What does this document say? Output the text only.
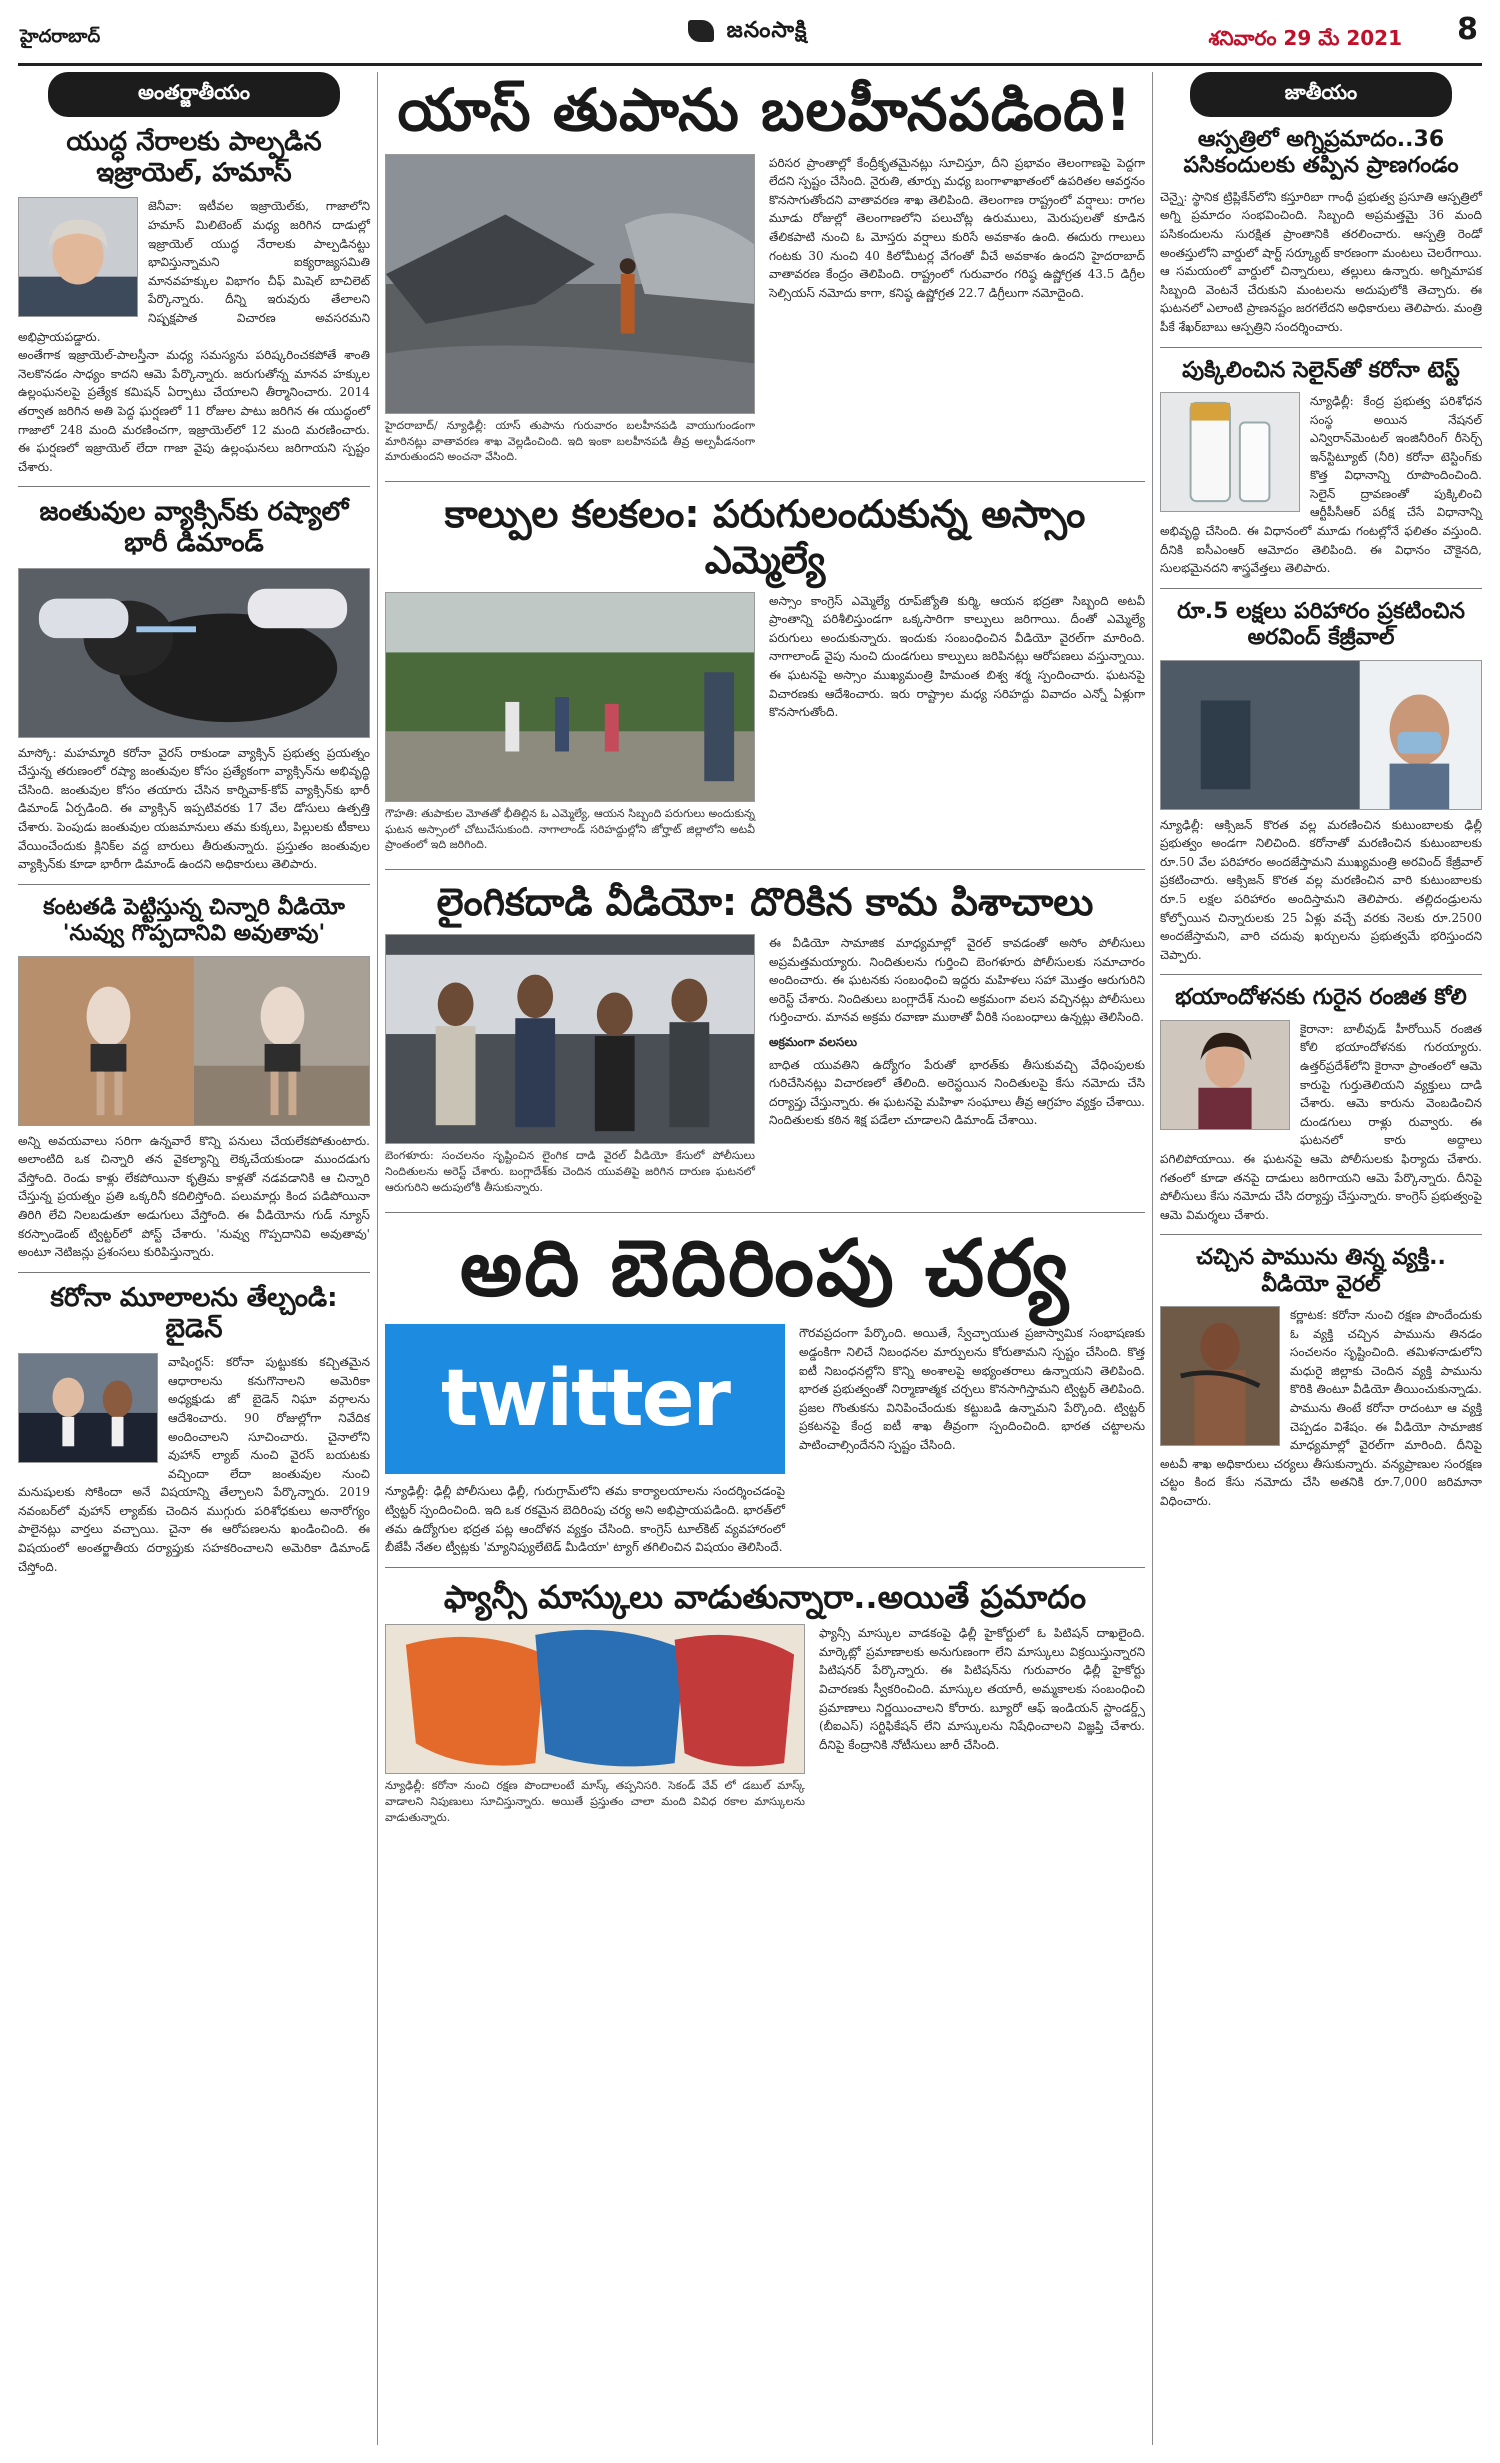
హైదరాబాద్	జనంసాక్షి	శనివారం 29 మే 2021 8
అంతర్జాతీయం
యుద్ధ నేరాలకు పాల్పడిన ఇజ్రాయెల్, హమాస్
జెనీవా: ఇటీవల ఇజ్రాయెల్‌కు, గాజాలోని హమాస్ మిలిటెంట్ మధ్య జరిగిన దాడుల్లో ఇజ్రాయెల్ యుద్ధ నేరాలకు పాల్పడినట్టు భావిస్తున్నామని ఐక్యరాజ్యసమితి మానవహక్కుల విభాగం చీఫ్ మిషెల్ బాచిలెట్ పేర్కొన్నారు. దీన్ని ఇరువురు తేలాలని నిష్పక్షపాత విచారణ అవసరమని అభిప్రాయపడ్డారు.
అంతేగాక ఇజ్రాయెల్-పాలస్తీనా మధ్య సమస్యను పరిష్కరించకపోతే శాంతి నెలకొనడం సాధ్యం కాదని ఆమె పేర్కొన్నారు. జరుగుతోన్న మానవ హక్కుల ఉల్లంఘనలపై ప్రత్యేక కమిషన్ ఏర్పాటు చేయాలని తీర్మానించారు. 2014 తర్వాత జరిగిన అతి పెద్ద ఘర్షణలో 11 రోజుల పాటు జరిగిన ఈ యుద్ధంలో గాజాలో 248 మంది మరణించగా, ఇజ్రాయెల్‌లో 12 మంది మరణించారు. ఈ ఘర్షణలో ఇజ్రాయెల్ లేదా గాజా వైపు ఉల్లంఘనలు జరిగాయని స్పష్టం చేశారు.
జంతువుల వ్యాక్సిన్‌కు రష్యాలో భారీ డిమాండ్
మాస్కో: మహమ్మారి కరోనా వైరస్ రాకుండా వ్యాక్సిన్ ప్రభుత్వ ప్రయత్నం చేస్తున్న తరుణంలో రష్యా జంతువుల కోసం ప్రత్యేకంగా వ్యాక్సిన్‌ను అభివృద్ధి చేసింది. జంతువుల కోసం తయారు చేసిన కార్నివాక్-కోవ్ వ్యాక్సిన్‌కు భారీ డిమాండ్ ఏర్పడింది. ఈ వ్యాక్సిన్ ఇప్పటివరకు 17 వేల డోసులు ఉత్పత్తి చేశారు. పెంపుడు జంతువుల యజమానులు తమ కుక్కలు, పిల్లులకు టీకాలు వేయించేందుకు క్లినిక్‌ల వద్ద బారులు తీరుతున్నారు. ప్రస్తుతం జంతువుల వ్యాక్సిన్‌కు కూడా భారీగా డిమాండ్ ఉందని అధికారులు తెలిపారు.
కంటతడి పెట్టిస్తున్న చిన్నారి వీడియో 'నువ్వు గొప్పదానివి అవుతావు'
అన్ని అవయవాలు సరిగా ఉన్నవారే కొన్ని పనులు చేయలేకపోతుంటారు. అలాంటిది ఒక చిన్నారి తన వైకల్యాన్ని లెక్కచేయకుండా ముందడుగు వేస్తోంది. రెండు కాళ్లు లేకపోయినా కృత్రిమ కాళ్లతో నడవడానికి ఆ చిన్నారి చేస్తున్న ప్రయత్నం ప్రతి ఒక్కరినీ కదిలిస్తోంది. పలుమార్లు కింద పడిపోయినా తిరిగి లేచి నిలబడుతూ అడుగులు వేస్తోంది. ఈ వీడియోను గుడ్ న్యూస్ కరస్పాండెంట్ ట్విట్టర్‌లో పోస్ట్ చేశారు. 'నువ్వు గొప్పదానివి అవుతావు' అంటూ నెటిజన్లు ప్రశంసలు కురిపిస్తున్నారు.
కరోనా మూలాలను తేల్చండి: బైడెన్
వాషింగ్టన్: కరోనా పుట్టుకకు కచ్చితమైన ఆధారాలను కనుగొనాలని అమెరికా అధ్యక్షుడు జో బైడెన్ నిఘా వర్గాలను ఆదేశించారు. 90 రోజుల్లోగా నివేదిక అందించాలని సూచించారు. చైనాలోని వుహాన్ ల్యాబ్ నుంచి వైరస్ బయటకు వచ్చిందా లేదా జంతువుల నుంచి మనుషులకు సోకిందా అనే విషయాన్ని తేల్చాలని పేర్కొన్నారు. 2019 నవంబర్‌లో వుహాన్ ల్యాబ్‌కు చెందిన ముగ్గురు పరిశోధకులు అనారోగ్యం పాలైనట్లు వార్తలు వచ్చాయి. చైనా ఈ ఆరోపణలను ఖండించింది. ఈ విషయంలో అంతర్జాతీయ దర్యాప్తుకు సహకరించాలని అమెరికా డిమాండ్ చేస్తోంది.
యాస్ తుపాను బలహీనపడింది!
హైదరాబాద్/ న్యూఢిల్లీ: యాస్ తుపాను గురువారం బలహీనపడి వాయుగుండంగా మారినట్లు వాతావరణ శాఖ వెల్లడించింది. ఇది ఇంకా బలహీనపడి తీవ్ర అల్పపీడనంగా మారుతుందని అంచనా వేసింది.
పరిసర ప్రాంతాల్లో కేంద్రీకృతమైనట్లు సూచిస్తూ, దీని ప్రభావం తెలంగాణపై పెద్దగా లేదని స్పష్టం చేసింది. నైరుతి, తూర్పు మధ్య బంగాళాఖాతంలో ఉపరితల ఆవర్తనం కొనసాగుతోందని వాతావరణ శాఖ తెలిపింది. తెలంగాణ రాష్ట్రంలో వర్షాలు: రాగల మూడు రోజుల్లో తెలంగాణలోని పలుచోట్ల ఉరుములు, మెరుపులతో కూడిన తేలికపాటి నుంచి ఓ మోస్తరు వర్షాలు కురిసే అవకాశం ఉంది. ఈదురు గాలులు గంటకు 30 నుంచి 40 కిలోమీటర్ల వేగంతో వీచే అవకాశం ఉందని హైదరాబాద్ వాతావరణ కేంద్రం తెలిపింది. రాష్ట్రంలో గురువారం గరిష్ఠ ఉష్ణోగ్రత 43.5 డిగ్రీల సెల్సియస్ నమోదు కాగా, కనిష్ఠ ఉష్ణోగ్రత 22.7 డిగ్రీలుగా నమోదైంది.
కాల్పుల కలకలం: పరుగులందుకున్న అస్సాం ఎమ్మెల్యే
గౌహతి: తుపాకుల మోతతో భీతిల్లిన ఓ ఎమ్మెల్యే, ఆయన సిబ్బంది పరుగులు అందుకున్న ఘటన అస్సాంలో చోటుచేసుకుంది. నాగాలాండ్ సరిహద్దుల్లోని జోర్హాట్ జిల్లాలోని అటవీ ప్రాంతంలో ఇది జరిగింది.
అస్సాం కాంగ్రెస్ ఎమ్మెల్యే రూప్‌జ్యోతి కుర్మి, ఆయన భద్రతా సిబ్బంది అటవీ ప్రాంతాన్ని పరిశీలిస్తుండగా ఒక్కసారిగా కాల్పులు జరిగాయి. దీంతో ఎమ్మెల్యే పరుగులు అందుకున్నారు. ఇందుకు సంబంధించిన వీడియో వైరల్‌గా మారింది. నాగాలాండ్ వైపు నుంచి దుండగులు కాల్పులు జరిపినట్లు ఆరోపణలు వస్తున్నాయి. ఈ ఘటనపై అస్సాం ముఖ్యమంత్రి హిమంత బిశ్వ శర్మ స్పందించారు. ఘటనపై విచారణకు ఆదేశించారు. ఇరు రాష్ట్రాల మధ్య సరిహద్దు వివాదం ఎన్నో ఏళ్లుగా కొనసాగుతోంది.
లైంగికదాడి వీడియో: దొరికిన కామ పిశాచాలు
బెంగళూరు: సంచలనం సృష్టించిన లైంగిక దాడి వైరల్ వీడియో కేసులో పోలీసులు నిందితులను అరెస్ట్ చేశారు. బంగ్లాదేశ్‌కు చెందిన యువతిపై జరిగిన దారుణ ఘటనలో ఆరుగురిని అదుపులోకి తీసుకున్నారు.
ఈ వీడియో సామాజిక మాధ్యమాల్లో వైరల్ కావడంతో అసోం పోలీసులు అప్రమత్తమయ్యారు. నిందితులను గుర్తించి బెంగళూరు పోలీసులకు సమాచారం అందించారు. ఈ ఘటనకు సంబంధించి ఇద్దరు మహిళలు సహా మొత్తం ఆరుగురిని అరెస్ట్ చేశారు. నిందితులు బంగ్లాదేశ్ నుంచి అక్రమంగా వలస వచ్చినట్లు పోలీసులు గుర్తించారు. మానవ అక్రమ రవాణా ముఠాతో వీరికి సంబంధాలు ఉన్నట్లు తెలిసింది.
అక్రమంగా వలసలు
బాధిత యువతిని ఉద్యోగం పేరుతో భారత్‌కు తీసుకువచ్చి వేధింపులకు గురిచేసినట్లు విచారణలో తేలింది. అరెస్టయిన నిందితులపై కేసు నమోదు చేసి దర్యాప్తు చేస్తున్నారు. ఈ ఘటనపై మహిళా సంఘాలు తీవ్ర ఆగ్రహం వ్యక్తం చేశాయి. నిందితులకు కఠిన శిక్ష పడేలా చూడాలని డిమాండ్ చేశాయి.
అది బెదిరింపు చర్య
twitter
న్యూఢిల్లీ: ఢిల్లీ పోలీసులు ఢిల్లీ, గురుగ్రామ్‌లోని తమ కార్యాలయాలను సందర్శించడంపై ట్విట్టర్ స్పందించింది. ఇది ఒక రకమైన బెదిరింపు చర్య అని అభిప్రాయపడింది. భారత్‌లో తమ ఉద్యోగుల భద్రత పట్ల ఆందోళన వ్యక్తం చేసింది. కాంగ్రెస్ టూల్‌కిట్ వ్యవహారంలో బీజేపీ నేతల ట్వీట్లకు 'మ్యానిప్యులేటెడ్ మీడియా' ట్యాగ్ తగిలించిన విషయం తెలిసిందే.
గౌరవప్రదంగా పేర్కొంది. అయితే, స్వేచ్ఛాయుత ప్రజాస్వామిక సంభాషణకు అడ్డంకిగా నిలిచే నిబంధనల మార్పులను కోరుతామని స్పష్టం చేసింది. కొత్త ఐటీ నిబంధనల్లోని కొన్ని అంశాలపై అభ్యంతరాలు ఉన్నాయని తెలిపింది. భారత ప్రభుత్వంతో నిర్మాణాత్మక చర్చలు కొనసాగిస్తామని ట్విట్టర్ తెలిపింది. ప్రజల గొంతుకను వినిపించేందుకు కట్టుబడి ఉన్నామని పేర్కొంది. ట్విట్టర్ ప్రకటనపై కేంద్ర ఐటీ శాఖ తీవ్రంగా స్పందించింది. భారత చట్టాలను పాటించాల్సిందేనని స్పష్టం చేసింది.
ఫ్యాన్సీ మాస్కులు వాడుతున్నారా..అయితే ప్రమాదం
న్యూఢిల్లీ: కరోనా నుంచి రక్షణ పొందాలంటే మాస్క్ తప్పనిసరి. సెకండ్ వేవ్ లో డబుల్ మాస్క్ వాడాలని నిపుణులు సూచిస్తున్నారు. అయితే ప్రస్తుతం చాలా మంది వివిధ రకాల మాస్కులను వాడుతున్నారు.
ఫ్యాన్సీ మాస్కుల వాడకంపై ఢిల్లీ హైకోర్టులో ఓ పిటిషన్ దాఖలైంది. మార్కెట్లో ప్రమాణాలకు అనుగుణంగా లేని మాస్కులు విక్రయిస్తున్నారని పిటిషనర్ పేర్కొన్నారు. ఈ పిటిషన్‌ను గురువారం ఢిల్లీ హైకోర్టు విచారణకు స్వీకరించింది. మాస్కుల తయారీ, అమ్మకాలకు సంబంధించి ప్రమాణాలు నిర్ణయించాలని కోరారు. బ్యూరో ఆఫ్ ఇండియన్ స్టాండర్డ్స్ (బీఐఎస్) సర్టిఫికేషన్ లేని మాస్కులను నిషేధించాలని విజ్ఞప్తి చేశారు. దీనిపై కేంద్రానికి నోటీసులు జారీ చేసింది.
జాతీయం
ఆస్పత్రిలో అగ్నిప్రమాదం..36 పసికందులకు తప్పిన ప్రాణగండం
చెన్నై: స్థానిక ట్రిప్లికేన్‌లోని కస్తూరిబా గాంధీ ప్రభుత్వ ప్రసూతి ఆస్పత్రిలో అగ్ని ప్రమాదం సంభవించింది. సిబ్బంది అప్రమత్తమై 36 మంది పసికందులను సురక్షిత ప్రాంతానికి తరలించారు. ఆస్పత్రి రెండో అంతస్తులోని వార్డులో షార్ట్ సర్క్యూట్ కారణంగా మంటలు చెలరేగాయి. ఆ సమయంలో వార్డులో చిన్నారులు, తల్లులు ఉన్నారు. అగ్నిమాపక సిబ్బంది వెంటనే చేరుకుని మంటలను అదుపులోకి తెచ్చారు. ఈ ఘటనలో ఎలాంటి ప్రాణనష్టం జరగలేదని అధికారులు తెలిపారు. మంత్రి పీకే శేఖర్‌బాబు ఆస్పత్రిని సందర్శించారు.
పుక్కిలించిన సెలైన్‌తో కరోనా టెస్ట్
న్యూఢిల్లీ: కేంద్ర ప్రభుత్వ పరిశోధన సంస్థ అయిన నేషనల్ ఎన్విరాన్‌మెంటల్ ఇంజినీరింగ్ రీసెర్చ్ ఇన్‌స్టిట్యూట్ (నీరి) కరోనా టెస్టింగ్‌కు కొత్త విధానాన్ని రూపొందించింది. సెలైన్ ద్రావణంతో పుక్కిలించి ఆర్టీపీసీఆర్ పరీక్ష చేసే విధానాన్ని అభివృద్ధి చేసింది. ఈ విధానంలో మూడు గంటల్లోనే ఫలితం వస్తుంది. దీనికి ఐసీఎంఆర్ ఆమోదం తెలిపింది. ఈ విధానం చౌకైనది, సులభమైనదని శాస్త్రవేత్తలు తెలిపారు.
రూ.5 లక్షలు పరిహారం ప్రకటించిన అరవింద్ కేజ్రీవాల్
న్యూఢిల్లీ: ఆక్సిజన్ కొరత వల్ల మరణించిన కుటుంబాలకు ఢిల్లీ ప్రభుత్వం అండగా నిలిచింది. కరోనాతో మరణించిన కుటుంబాలకు రూ.50 వేల పరిహారం అందజేస్తామని ముఖ్యమంత్రి అరవింద్ కేజ్రీవాల్ ప్రకటించారు. ఆక్సిజన్ కొరత వల్ల మరణించిన వారి కుటుంబాలకు రూ.5 లక్షల పరిహారం అందిస్తామని తెలిపారు. తల్లిదండ్రులను కోల్పోయిన చిన్నారులకు 25 ఏళ్లు వచ్చే వరకు నెలకు రూ.2500 అందజేస్తామని, వారి చదువు ఖర్చులను ప్రభుత్వమే భరిస్తుందని చెప్పారు.
భయాందోళనకు గురైన రంజిత కోలి
కైరానా: బాలీవుడ్ హీరోయిన్ రంజిత కోలి భయాందోళనకు గురయ్యారు. ఉత్తర్‌ప్రదేశ్‌లోని కైరానా ప్రాంతంలో ఆమె కారుపై గుర్తుతెలియని వ్యక్తులు దాడి చేశారు. ఆమె కారును వెంబడించిన దుండగులు రాళ్లు రువ్వారు. ఈ ఘటనలో కారు అద్దాలు పగిలిపోయాయి. ఈ ఘటనపై ఆమె పోలీసులకు ఫిర్యాదు చేశారు. గతంలో కూడా తనపై దాడులు జరిగాయని ఆమె పేర్కొన్నారు. దీనిపై పోలీసులు కేసు నమోదు చేసి దర్యాప్తు చేస్తున్నారు. కాంగ్రెస్ ప్రభుత్వంపై ఆమె విమర్శలు చేశారు.
చచ్చిన పామును తిన్న వ్యక్తి.. వీడియో వైరల్
కర్ణాటక: కరోనా నుంచి రక్షణ పొందేందుకు ఓ వ్యక్తి చచ్చిన పామును తినడం సంచలనం సృష్టించింది. తమిళనాడులోని మధురై జిల్లాకు చెందిన వ్యక్తి పామును కొరికి తింటూ వీడియో తీయించుకున్నాడు. పామును తింటే కరోనా రాదంటూ ఆ వ్యక్తి చెప్పడం విశేషం. ఈ వీడియో సామాజిక మాధ్యమాల్లో వైరల్‌గా మారింది. దీనిపై అటవీ శాఖ అధికారులు చర్యలు తీసుకున్నారు. వన్యప్రాణుల సంరక్షణ చట్టం కింద కేసు నమోదు చేసి అతనికి రూ.7,000 జరిమానా విధించారు.
